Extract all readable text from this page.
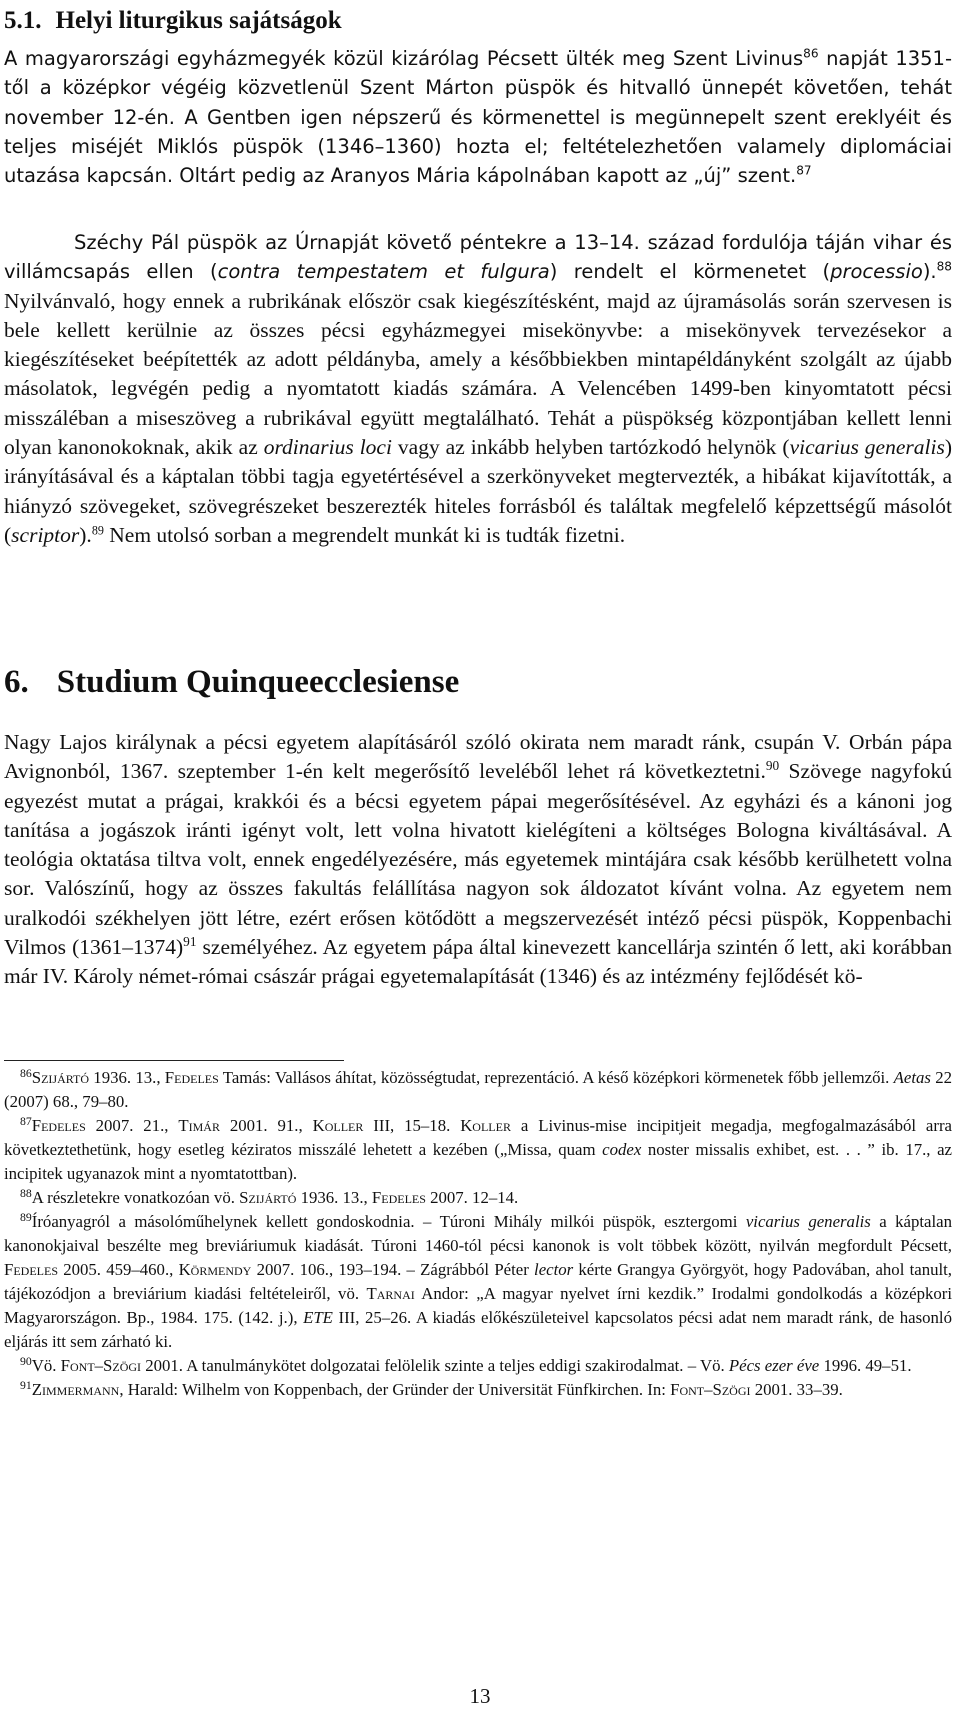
5.1. Helyi liturgikus sajátságok

A magyarországi egyházmegyék közül kizárólag Pécsett ülték meg Szent Livinus$^{86}$ napját 1351-től a középkor végéig közvetlenül Szent Márton püspök és hitvalló ünnepét követően, tehát november 12-én. A Gentben igen népszerű és körmenettel is megünnepelt szent ereklyéit és teljes miséjét Miklós püspök (1346–1360) hozta el; feltételezhetően valamely diplomáciai utazása kapcsán. Oltárt pedig az Aranyos Mária kápolnában kapott az „új” szent.$^{87}$

Széchy Pál püspök az Úrnapját követő péntekre a 13–14. század fordulója táján vihar és villámcsapás ellen (contra tempestatem et fulgura) rendelt el körmenetet (processio).$^{88}$ Nyilvánvaló, hogy ennek a rubrikának először csak kiegészítésként, majd az újramásolás során szervesen is bele kellett kerülnie az összes pécsi egyházmegyei misekönyvbe: a misekönyvek tervezésekor a kiegészítéseket beépítették az adott példányba, amely a későbbiekben mintapéldányként szolgált az újabb másolatok, legvégén pedig a nyomtatott kiadás számára. A Velencében 1499-ben kinyomtatott pécsi misszáléban a miseszöveg a rubrikával együtt megtalálható. Tehát a püspökség központjában kellett lenni olyan kanonokoknak, akik az ordinarius loci vagy az inkább helyben tartózkodó helynök (vicarius generalis) irányításával és a káptalan többi tagja egyetértésével a szerkönyveket megtervezték, a hibákat kijavították, a hiányzó szövegeket, szövegrészeket beszerezték hiteles forrásból és találtak megfelelő képzettségű másolót (scriptor).$^{89}$ Nem utolsó sorban a megrendelt munkát ki is tudták fizetni.

6. Studium Quinqueecclesiense

Nagy Lajos királynak a pécsi egyetem alapításáról szóló okirata nem maradt ránk, csupán V. Orbán pápa Avignonból, 1367. szeptember 1-én kelt megerősítő leveléből lehet rá következtetni.$^{90}$ Szövege nagyfokú egyezést mutat a prágai, krakkói és a bécsi egyetem pápai megerősítésével. Az egyházi és a kánoni jog tanítása a jogászok iránti igényt volt, lett volna hivatott kielégíteni a költséges Bologna kiváltásával. A teológia oktatása tiltva volt, ennek engedélyezésére, más egyetemek mintájára csak később kerülhetett volna sor. Valószínű, hogy az összes fakultás felállítása nagyon sok áldozatot kívánt volna. Az egyetem nem uralkodói székhelyen jött létre, ezért erősen kötődött a megszervezését intéző pécsi püspök, Koppenbachi Vilmos (1361–1374)$^{91}$ személyéhez. Az egyetem pápa által kinevezett kancellárja szintén ő lett, aki korábban már IV. Károly német-római császár prágai egyetemalapítását (1346) és az intézmény fejlődését kö-

$^{86}$Szijártó 1936. 13., Fedeles Tamás: Vallásos áhítat, közösségtudat, reprezentáció. A késő középkori körmenetek főbb jellemzői. Aetas 22 (2007) 68., 79–80.

$^{87}$Fedeles 2007. 21., Timár 2001. 91., Koller III, 15–18. Koller a Livinus-mise incipitjeit megadja, megfogalmazásából arra következtethetünk, hogy esetleg kéziratos misszálé lehetett a kezében („Missa, quam codex noster missalis exhibet, est. . . ” ib. 17., az incipitek ugyanazok mint a nyomtatottban).

$^{88}$A részletekre vonatkozóan vö. Szijártó 1936. 13., Fedeles 2007. 12–14.

$^{89}$Íróanyagról a másolóműhelynek kellett gondoskodnia. – Túroni Mihály milkói püspök, esztergomi vicarius generalis a káptalan kanonokjaival beszélte meg breviáriumuk kiadását. Túroni 1460-tól pécsi kanonok is volt többek között, nyilván megfordult Pécsett, Fedeles 2005. 459–460., Körmendy 2007. 106., 193–194. – Zágrábból Péter lector kérte Grangya Györgyöt, hogy Padovában, ahol tanult, tájékozódjon a breviárium kiadási feltételeiről, vö. Tarnai Andor: „A magyar nyelvet írni kezdik.” Irodalmi gondolkodás a középkori Magyarországon. Bp., 1984. 175. (142. j.), ETE III, 25–26. A kiadás előkészületeivel kapcsolatos pécsi adat nem maradt ránk, de hasonló eljárás itt sem zárható ki.

$^{90}$Vö. Font–Szögi 2001. A tanulmánykötet dolgozatai felölelik szinte a teljes eddigi szakirodalmat. – Vö. Pécs ezer éve 1996. 49–51.

$^{91}$Zimmermann, Harald: Wilhelm von Koppenbach, der Gründer der Universität Fünfkirchen. In: Font–Szögi 2001. 33–39.

13
